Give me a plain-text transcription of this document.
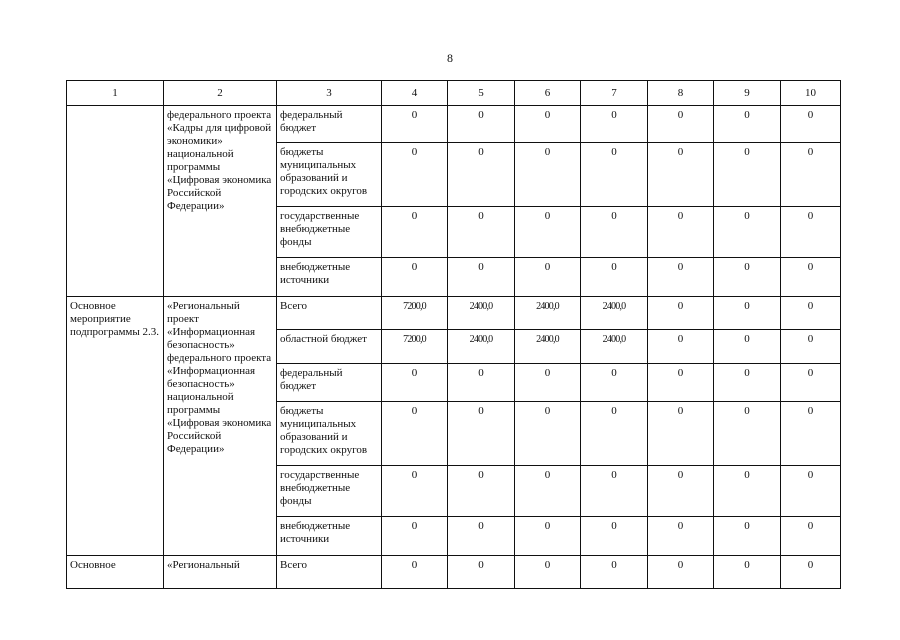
8
1	2	3	4	5	6	7	8	9	10
	федерального проекта «Кадры для цифровой экономики» национальной программы «Цифровая экономика Российской Федерации»	федеральный бюджет	0	0	0	0	0	0	0
		бюджеты муниципальных образований и городских округов	0	0	0	0	0	0	0
		государственные внебюджетные фонды	0	0	0	0	0	0	0
		внебюджетные источники	0	0	0	0	0	0	0
Основное мероприятие подпрограммы 2.3.	«Региональный проект «Информационная безопасность» федерального проекта «Информационная безопасность» национальной программы «Цифровая экономика Российской Федерации»	Всего	7200,0	2400,0	2400,0	2400,0	0	0	0
		областной бюджет	7200,0	2400,0	2400,0	2400,0	0	0	0
		федеральный бюджет	0	0	0	0	0	0	0
		бюджеты муниципальных образований и городских округов	0	0	0	0	0	0	0
		государственные внебюджетные фонды	0	0	0	0	0	0	0
		внебюджетные источники	0	0	0	0	0	0	0
Основное	«Региональный	Всего	0	0	0	0	0	0	0
